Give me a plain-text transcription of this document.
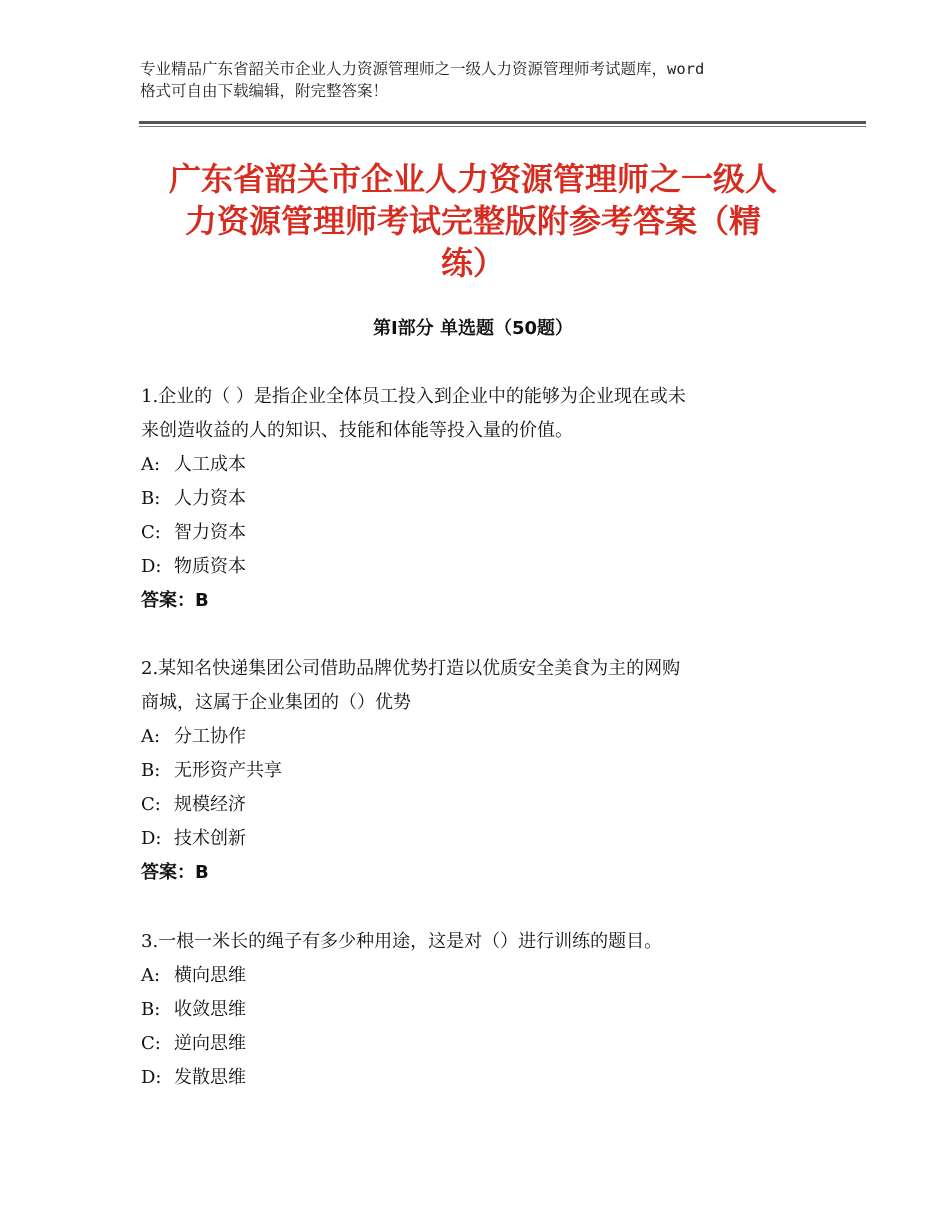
专业精品广东省韶关市企业人力资源管理师之一级人力资源管理师考试题库，word
格式可自由下载编辑，附完整答案！
广东省韶关市企业人力资源管理师之一级人
力资源管理师考试完整版附参考答案（精
练）
第Ⅰ部分 单选题（50题）
1.企业的（ ）是指企业全体员工投入到企业中的能够为企业现在或未
来创造收益的人的知识、技能和体能等投入量的价值。
A: 人工成本
B: 人力资本
C: 智力资本
D: 物质资本
答案：B
2.某知名快递集团公司借助品牌优势打造以优质安全美食为主的网购
商城，这属于企业集团的（）优势
A: 分工协作
B: 无形资产共享
C: 规模经济
D: 技术创新
答案：B
3.一根一米长的绳子有多少种用途，这是对（）进行训练的题目。
A: 横向思维
B: 收敛思维
C: 逆向思维
D: 发散思维
